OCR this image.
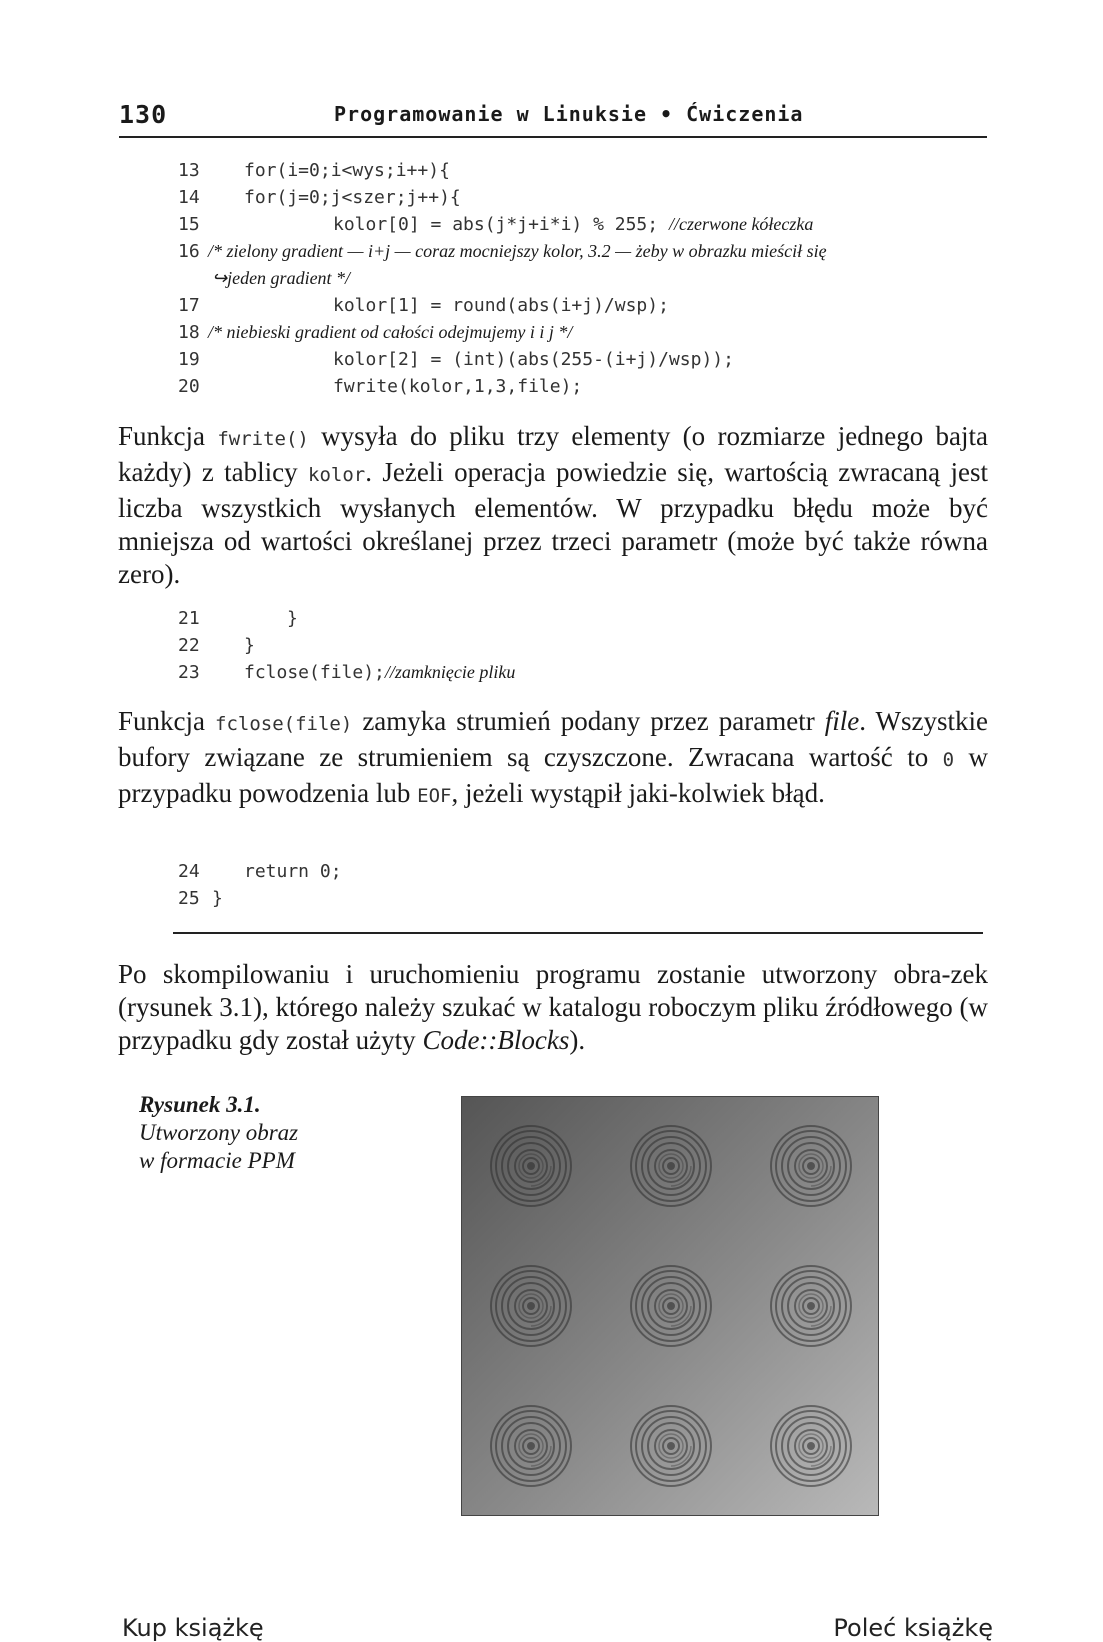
130	Programowanie w Linuksie • Ćwiczenia
13	for(i=0;i<wys;i++){
14	for(j=0;j<szer;j++){
15	kolor[0] = abs(j*j+i*i) % 255; //czerwone kółeczka
16 /* zielony gradient — i+j — coraz mocniejszy kolor, 3.2 — żeby w obrazku mieścił się
↪jeden gradient */
17	kolor[1] = round(abs(i+j)/wsp);
18 /* niebieski gradient od całości odejmujemy i i j */
19	kolor[2] = (int)(abs(255-(i+j)/wsp));
20	fwrite(kolor,1,3,file);
Funkcja fwrite() wysyła do pliku trzy elementy (o rozmiarze jednego bajta każdy) z tablicy kolor. Jeżeli operacja powiedzie się, wartością zwracaną jest liczba wszystkich wysłanych elementów. W przypadku błędu może być mniejsza od wartości określanej przez trzeci parametr (może być także równa zero).
21	}
22	}
23	fclose(file);//zamknięcie pliku
Funkcja fclose(file) zamyka strumień podany przez parametr file. Wszystkie bufory związane ze strumieniem są czyszczone. Zwracana wartość to 0 w przypadku powodzenia lub EOF, jeżeli wystąpił jaki-kolwiek błąd.
24	return 0;
25 }
Po skompilowaniu i uruchomieniu programu zostanie utworzony obra-zek (rysunek 3.1), którego należy szukać w katalogu roboczym pliku źródłowego (w przypadku gdy został użyty Code::Blocks).
Rysunek 3.1.
Utworzony obraz
w formacie PPM
Kup książkę	Poleć książkę
